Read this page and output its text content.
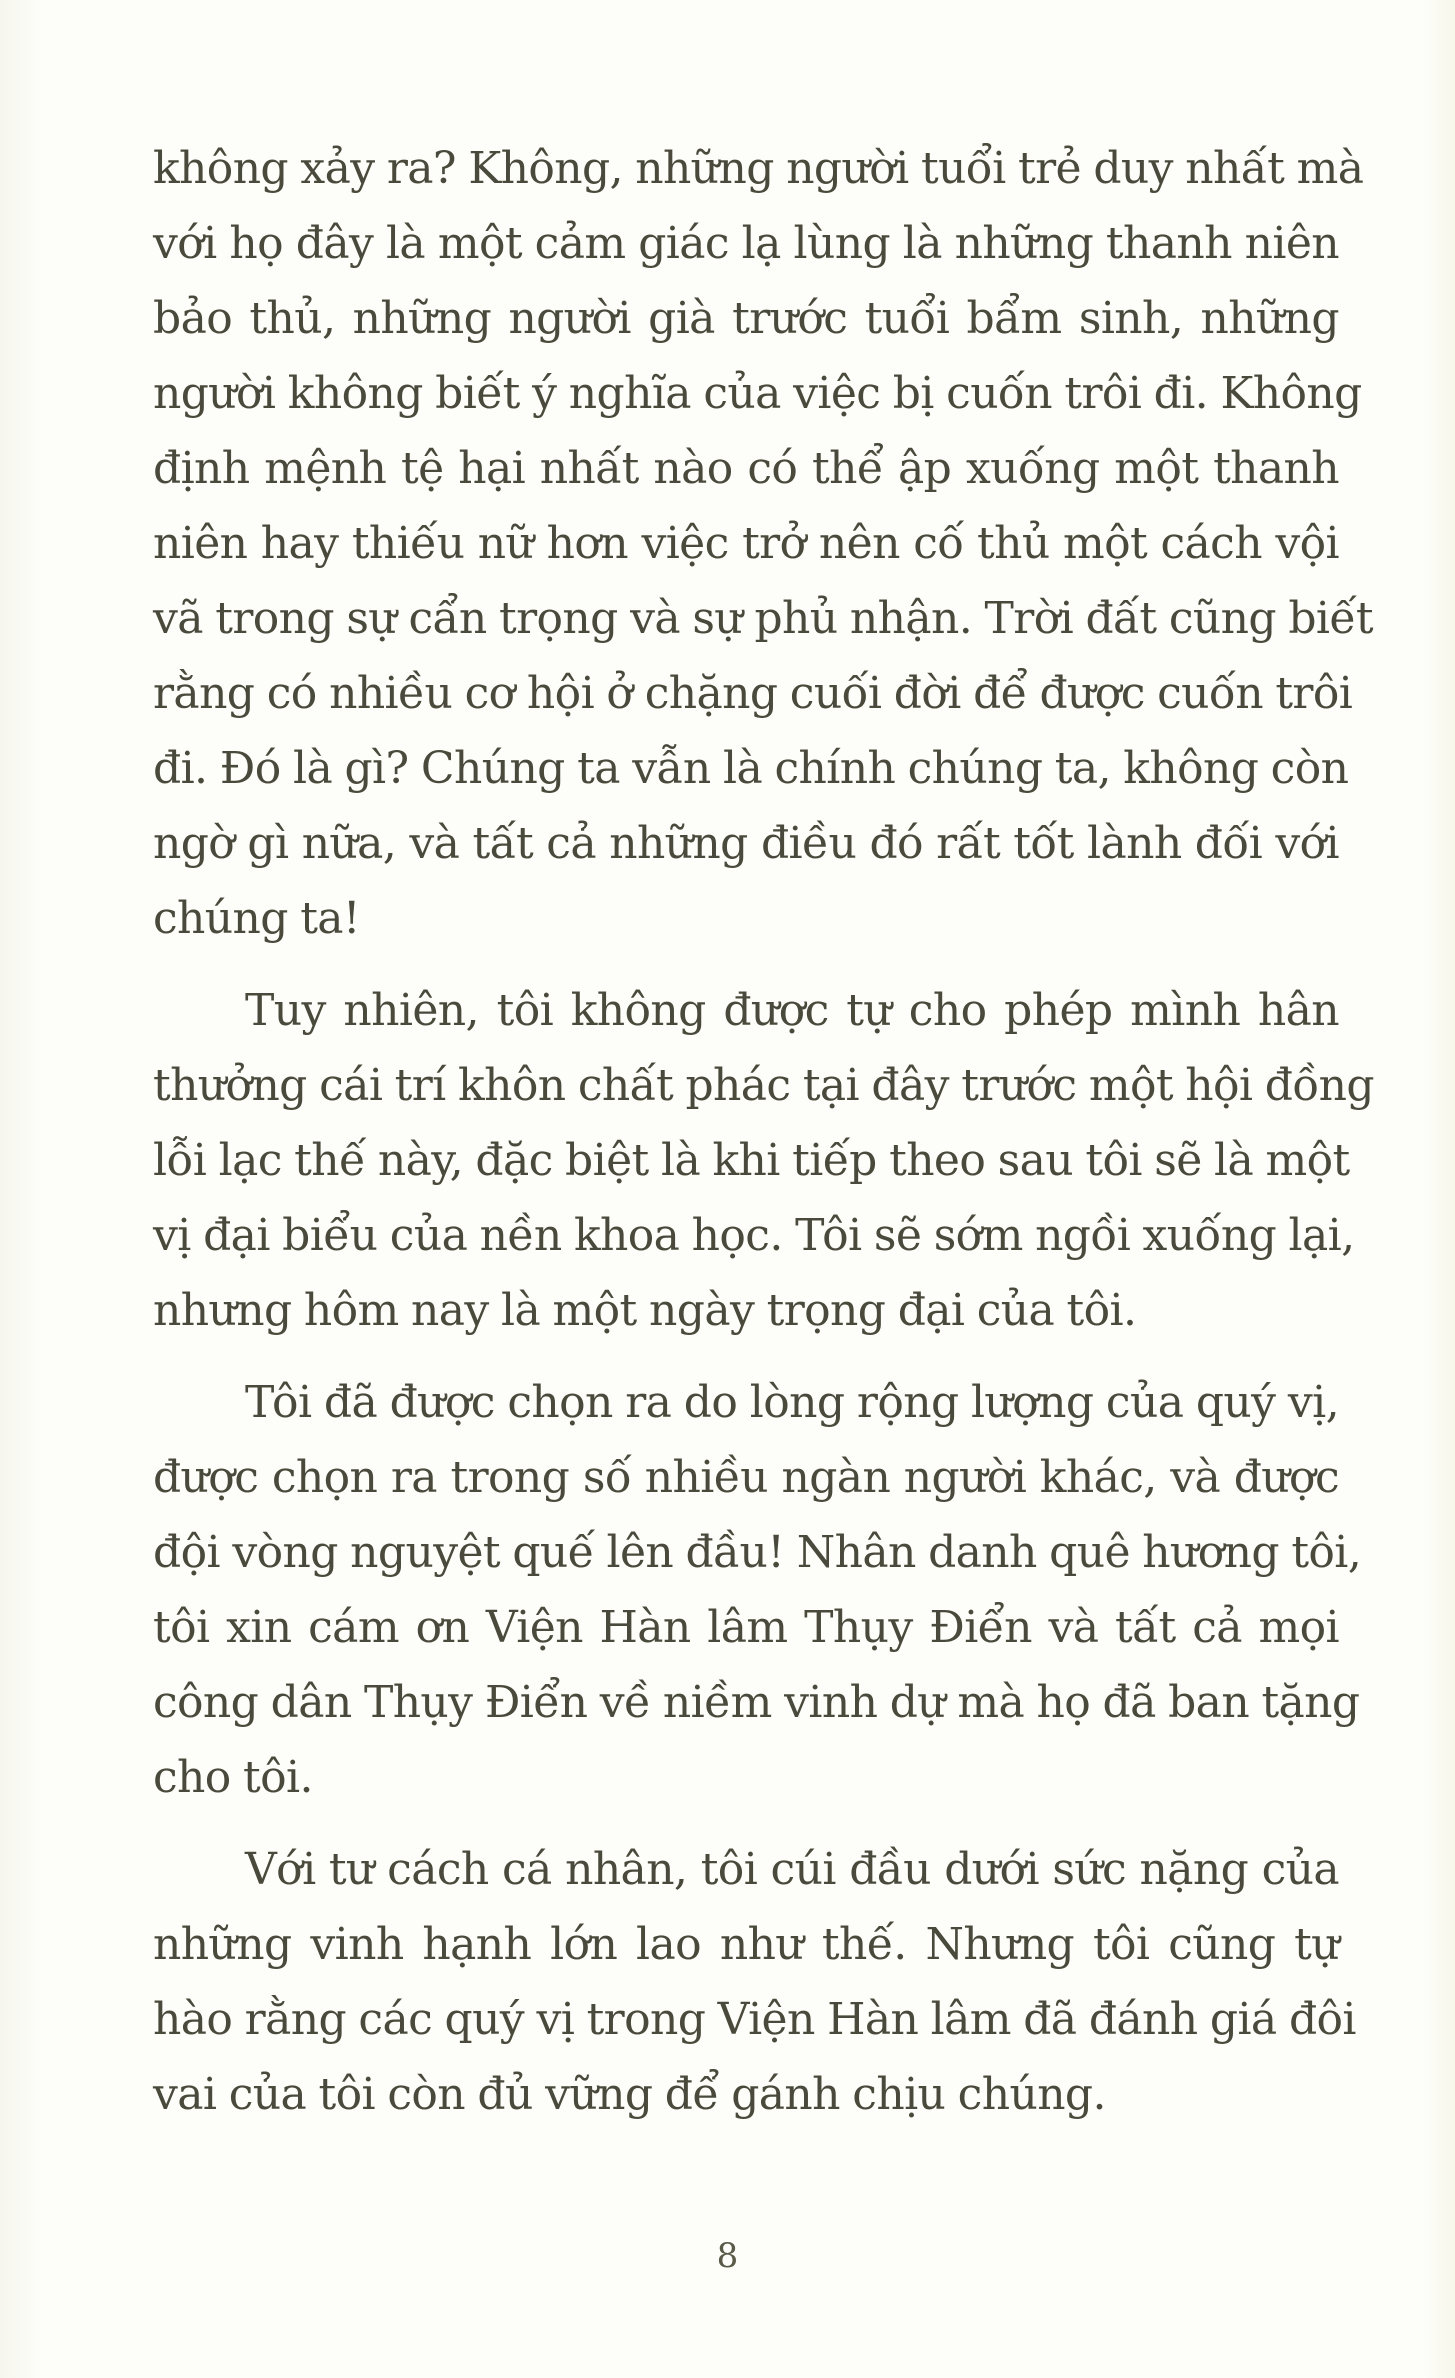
không xảy ra? Không, những người tuổi trẻ duy nhất mà
với họ đây là một cảm giác lạ lùng là những thanh niên
bảo thủ, những người già trước tuổi bẩm sinh, những
người không biết ý nghĩa của việc bị cuốn trôi đi. Không
định mệnh tệ hại nhất nào có thể ập xuống một thanh
niên hay thiếu nữ hơn việc trở nên cố thủ một cách vội
vã trong sự cẩn trọng và sự phủ nhận. Trời đất cũng biết
rằng có nhiều cơ hội ở chặng cuối đời để được cuốn trôi
đi. Đó là gì? Chúng ta vẫn là chính chúng ta, không còn
ngờ gì nữa, và tất cả những điều đó rất tốt lành đối với
chúng ta!

Tuy nhiên, tôi không được tự cho phép mình hân
thưởng cái trí khôn chất phác tại đây trước một hội đồng
lỗi lạc thế này, đặc biệt là khi tiếp theo sau tôi sẽ là một
vị đại biểu của nền khoa học. Tôi sẽ sớm ngồi xuống lại,
nhưng hôm nay là một ngày trọng đại của tôi.

Tôi đã được chọn ra do lòng rộng lượng của quý vị,
được chọn ra trong số nhiều ngàn người khác, và được
đội vòng nguyệt quế lên đầu! Nhân danh quê hương tôi,
tôi xin cám ơn Viện Hàn lâm Thụy Điển và tất cả mọi
công dân Thụy Điển về niềm vinh dự mà họ đã ban tặng
cho tôi.

Với tư cách cá nhân, tôi cúi đầu dưới sức nặng của
những vinh hạnh lớn lao như thế. Nhưng tôi cũng tự
hào rằng các quý vị trong Viện Hàn lâm đã đánh giá đôi
vai của tôi còn đủ vững để gánh chịu chúng.

8
